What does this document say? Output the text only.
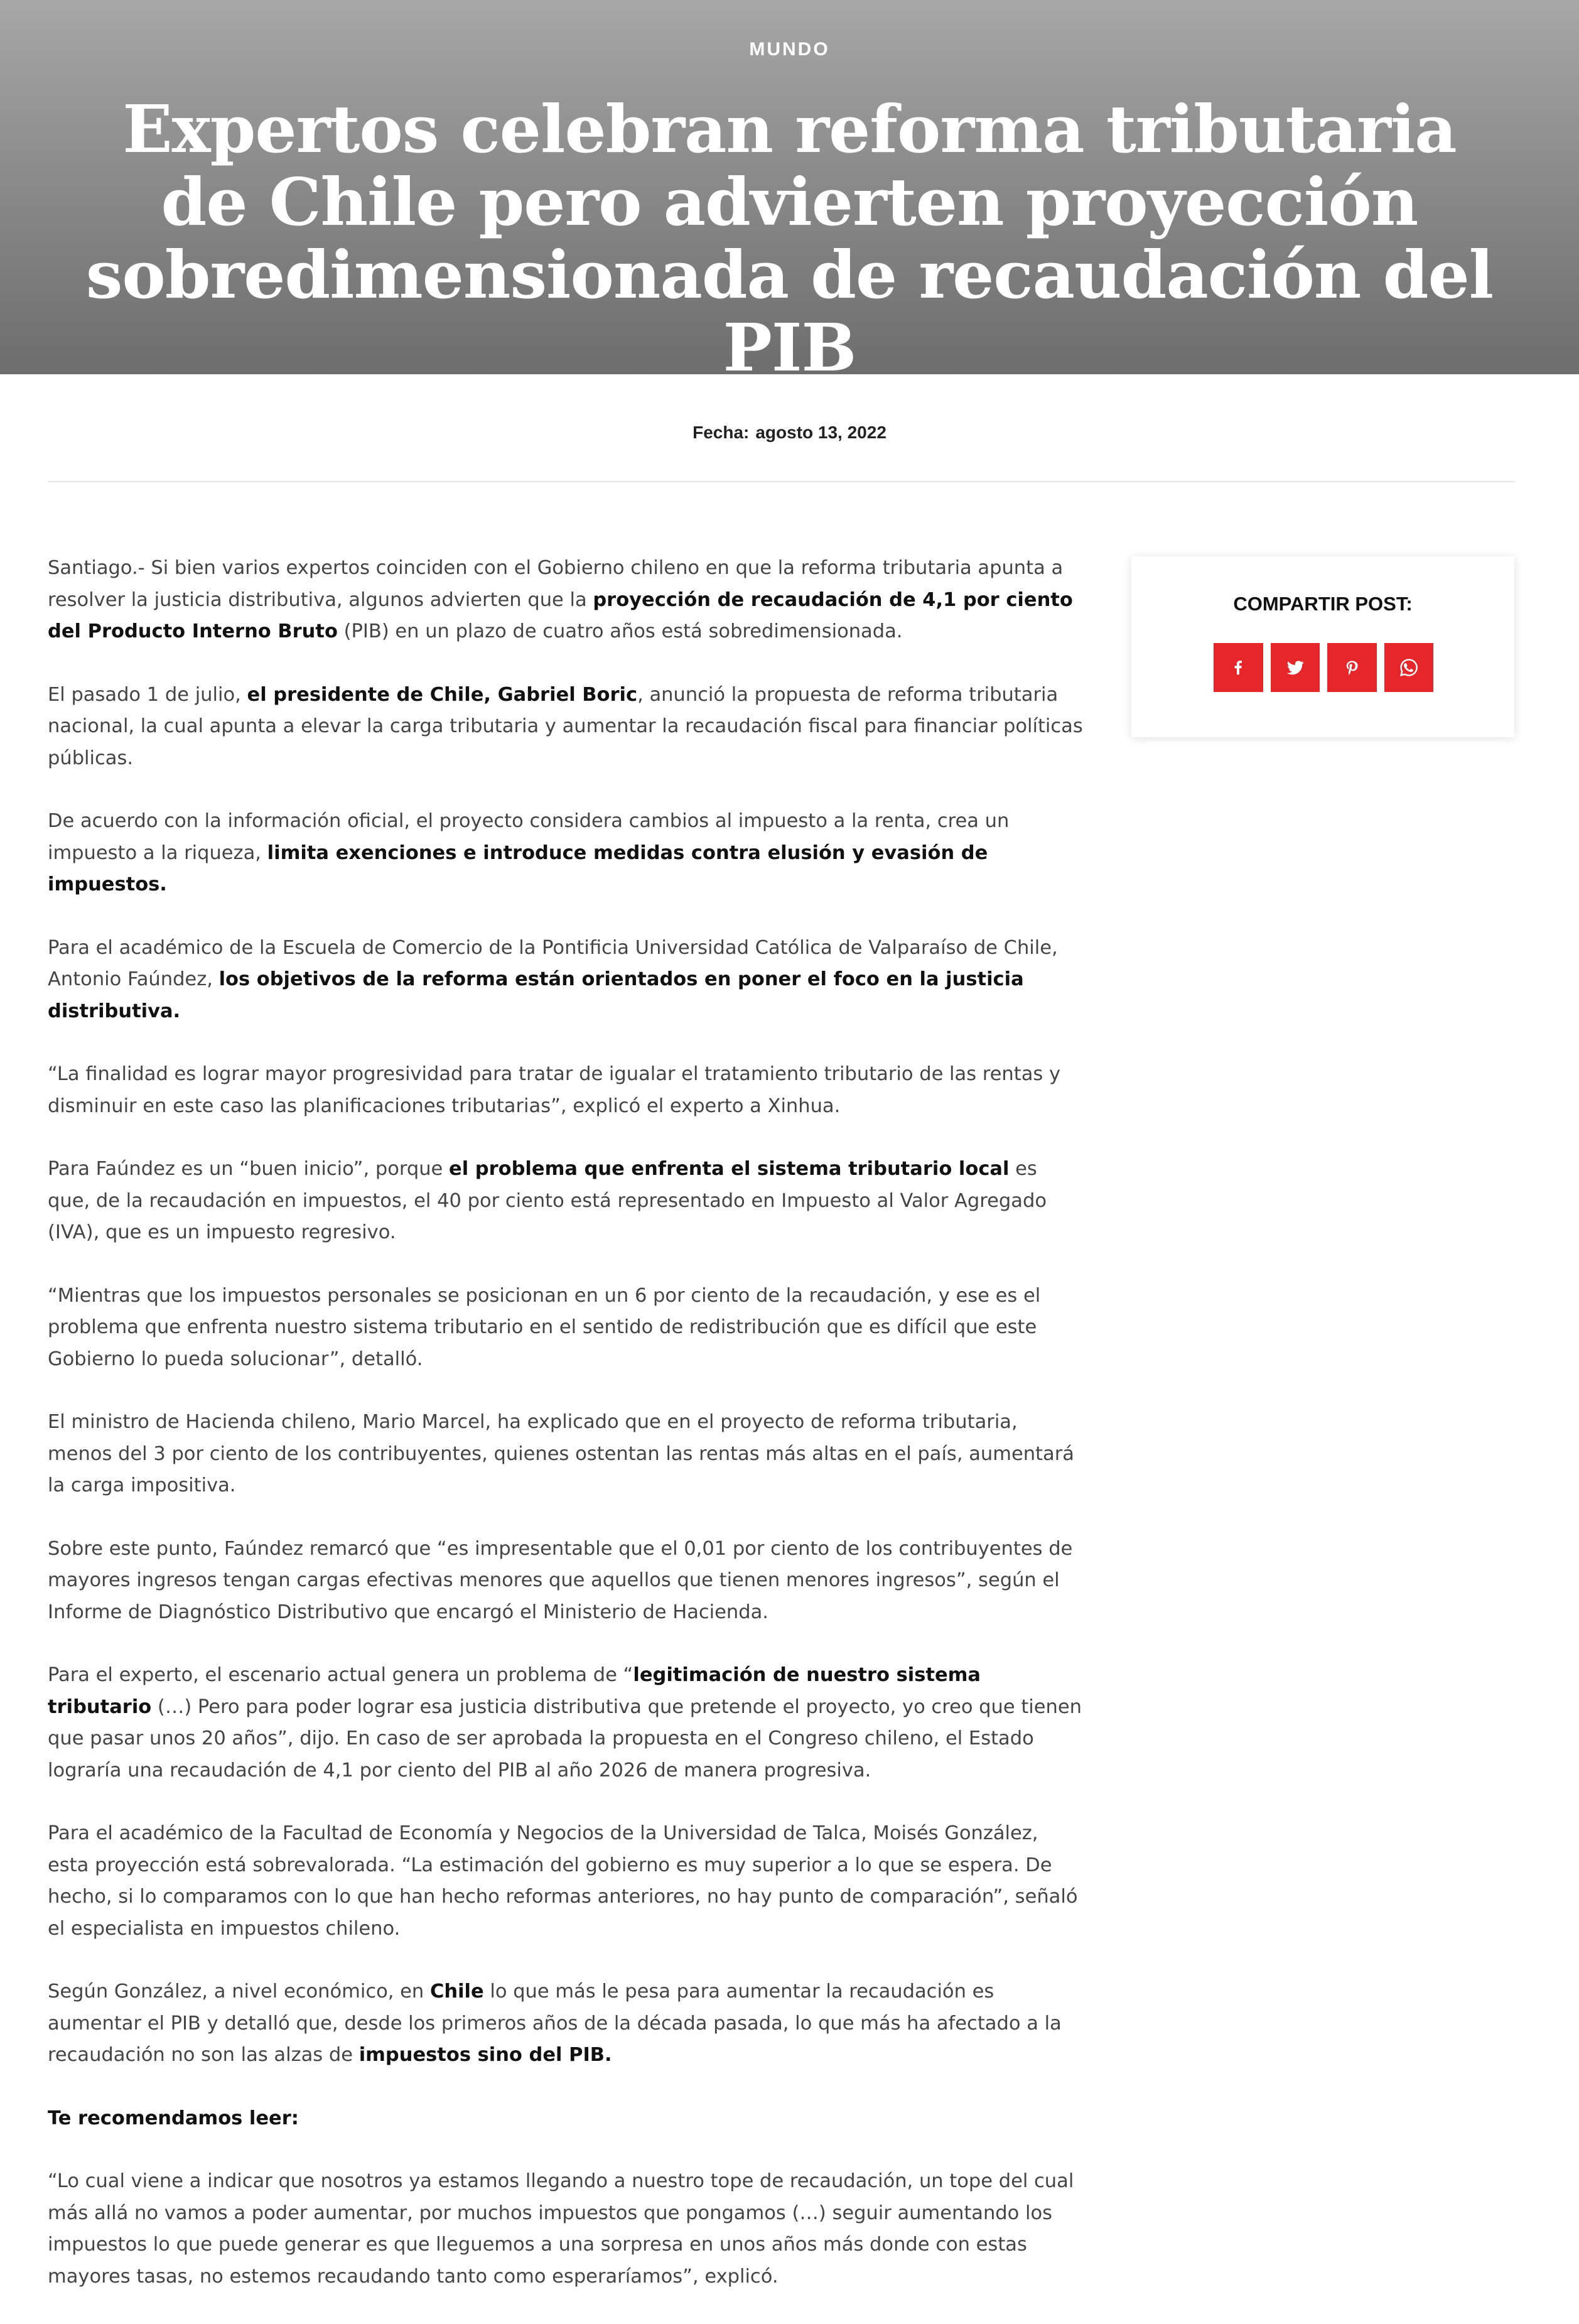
MUNDO
Expertos celebran reforma tributaria de Chile pero advierten proyección sobredimensionada de recaudación del PIB
Fecha: agosto 13, 2022

Santiago.- Si bien varios expertos coinciden con el Gobierno chileno en que la reforma tributaria apunta a resolver la justicia distributiva, algunos advierten que la proyección de recaudación de 4,1 por ciento del Producto Interno Bruto (PIB) en un plazo de cuatro años está sobredimensionada.

El pasado 1 de julio, el presidente de Chile, Gabriel Boric, anunció la propuesta de reforma tributaria nacional, la cual apunta a elevar la carga tributaria y aumentar la recaudación fiscal para financiar políticas públicas.

De acuerdo con la información oficial, el proyecto considera cambios al impuesto a la renta, crea un impuesto a la riqueza, limita exenciones e introduce medidas contra elusión y evasión de impuestos.

Para el académico de la Escuela de Comercio de la Pontificia Universidad Católica de Valparaíso de Chile, Antonio Faúndez, los objetivos de la reforma están orientados en poner el foco en la justicia distributiva.

“La finalidad es lograr mayor progresividad para tratar de igualar el tratamiento tributario de las rentas y disminuir en este caso las planificaciones tributarias”, explicó el experto a Xinhua.

Para Faúndez es un “buen inicio”, porque el problema que enfrenta el sistema tributario local es que, de la recaudación en impuestos, el 40 por ciento está representado en Impuesto al Valor Agregado (IVA), que es un impuesto regresivo.

“Mientras que los impuestos personales se posicionan en un 6 por ciento de la recaudación, y ese es el problema que enfrenta nuestro sistema tributario en el sentido de redistribución que es difícil que este Gobierno lo pueda solucionar”, detalló.

El ministro de Hacienda chileno, Mario Marcel, ha explicado que en el proyecto de reforma tributaria, menos del 3 por ciento de los contribuyentes, quienes ostentan las rentas más altas en el país, aumentará la carga impositiva.

Sobre este punto, Faúndez remarcó que “es impresentable que el 0,01 por ciento de los contribuyentes de mayores ingresos tengan cargas efectivas menores que aquellos que tienen menores ingresos”, según el Informe de Diagnóstico Distributivo que encargó el Ministerio de Hacienda.

Para el experto, el escenario actual genera un problema de “legitimación de nuestro sistema tributario (…) Pero para poder lograr esa justicia distributiva que pretende el proyecto, yo creo que tienen que pasar unos 20 años”, dijo. En caso de ser aprobada la propuesta en el Congreso chileno, el Estado lograría una recaudación de 4,1 por ciento del PIB al año 2026 de manera progresiva.

Para el académico de la Facultad de Economía y Negocios de la Universidad de Talca, Moisés González, esta proyección está sobrevalorada. “La estimación del gobierno es muy superior a lo que se espera. De hecho, si lo comparamos con lo que han hecho reformas anteriores, no hay punto de comparación”, señaló el especialista en impuestos chileno.

Según González, a nivel económico, en Chile lo que más le pesa para aumentar la recaudación es aumentar el PIB y detalló que, desde los primeros años de la década pasada, lo que más ha afectado a la recaudación no son las alzas de impuestos sino del PIB.

Te recomendamos leer:

“Lo cual viene a indicar que nosotros ya estamos llegando a nuestro tope de recaudación, un tope del cual más allá no vamos a poder aumentar, por muchos impuestos que pongamos (…) seguir aumentando los impuestos lo que puede generar es que lleguemos a una sorpresa en unos años más donde con estas mayores tasas, no estemos recaudando tanto como esperaríamos”, explicó.

COMPARTIR POST:
